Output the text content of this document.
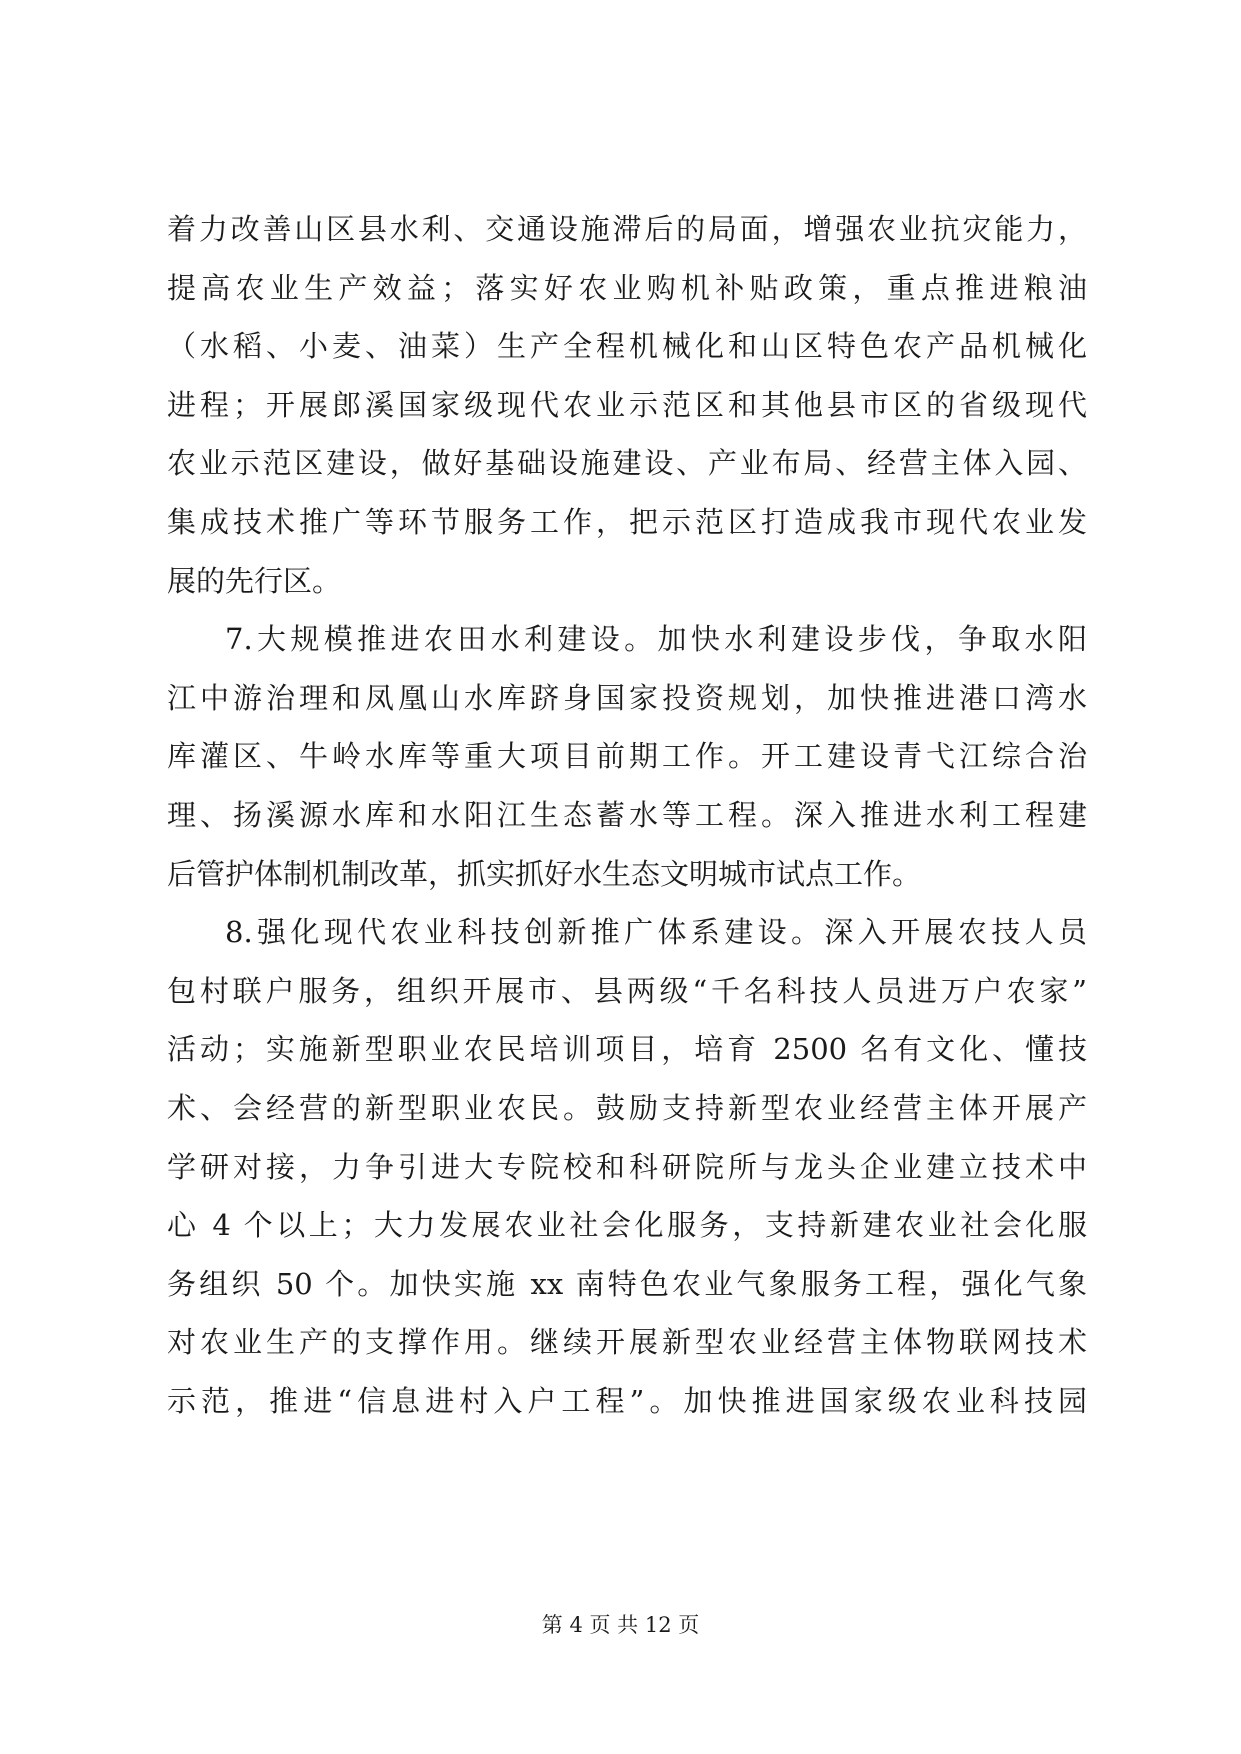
着力改善山区县水利、交通设施滞后的局面，增强农业抗灾能力，
提高农业生产效益；落实好农业购机补贴政策，重点推进粮油
（水稻、小麦、油菜）生产全程机械化和山区特色农产品机械化
进程；开展郎溪国家级现代农业示范区和其他县市区的省级现代
农业示范区建设，做好基础设施建设、产业布局、经营主体入园、
集成技术推广等环节服务工作，把示范区打造成我市现代农业发
展的先行区。
7.大规模推进农田水利建设。加快水利建设步伐，争取水阳
江中游治理和凤凰山水库跻身国家投资规划，加快推进港口湾水
库灌区、牛岭水库等重大项目前期工作。开工建设青弋江综合治
理、扬溪源水库和水阳江生态蓄水等工程。深入推进水利工程建
后管护体制机制改革，抓实抓好水生态文明城市试点工作。
8.强化现代农业科技创新推广体系建设。深入开展农技人员
包村联户服务，组织开展市、县两级“千名科技人员进万户农家”
活动；实施新型职业农民培训项目，培育 2500 名有文化、懂技
术、会经营的新型职业农民。鼓励支持新型农业经营主体开展产
学研对接，力争引进大专院校和科研院所与龙头企业建立技术中
心 4 个以上；大力发展农业社会化服务，支持新建农业社会化服
务组织 50 个。加快实施 xx 南特色农业气象服务工程，强化气象
对农业生产的支撑作用。继续开展新型农业经营主体物联网技术
示范，推进“信息进村入户工程”。加快推进国家级农业科技园
第 4 页 共 12 页
